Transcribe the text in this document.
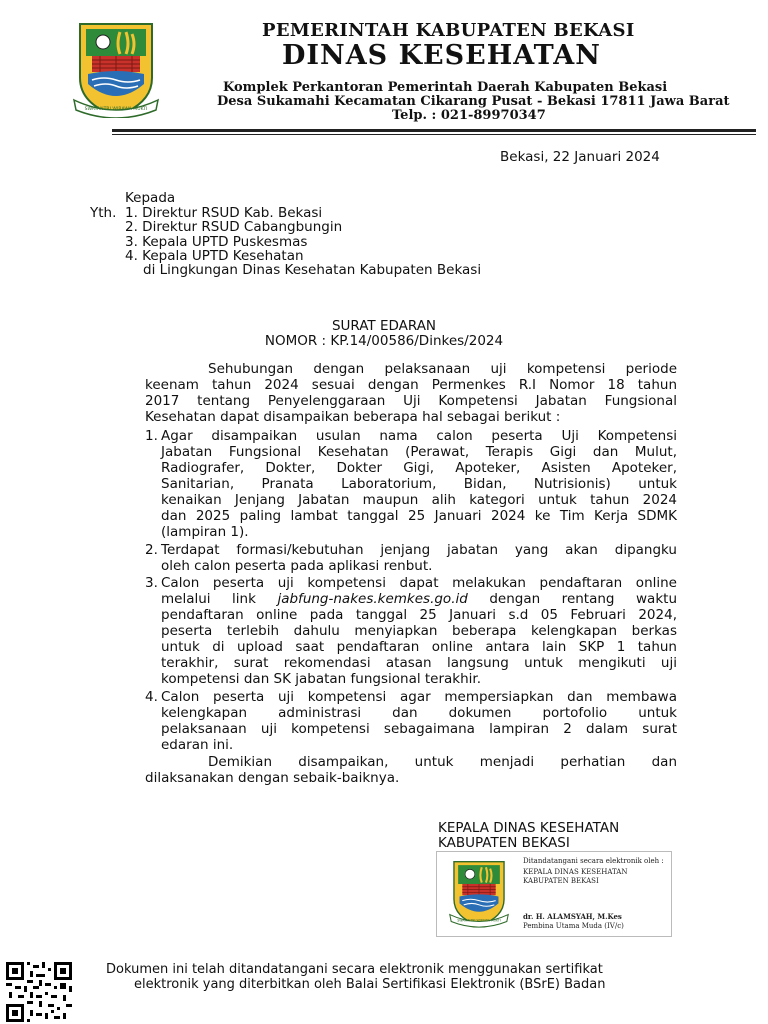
SWATANTRI WIBAWA MUKTI
PEMERINTAH KABUPATEN BEKASI
DINAS KESEHATAN
Komplek Perkantoran Pemerintah Daerah Kabupaten Bekasi
Desa Sukamahi Kecamatan Cikarang Pusat - Bekasi 17811 Jawa Barat
Telp. : 021-89970347
Bekasi, 22 Januari 2024
Kepada
Yth. 1. Direktur RSUD Kab. Bekasi
2. Direktur RSUD Cabangbungin
3. Kepala UPTD Puskesmas
4. Kepala UPTD Kesehatan
di Lingkungan Dinas Kesehatan Kabupaten Bekasi
SURAT EDARAN
NOMOR : KP.14/00586/Dinkes/2024
Sehubungan dengan pelaksanaan uji kompetensi periode
keenam tahun 2024 sesuai dengan Permenkes R.I Nomor 18 tahun
2017 tentang Penyelenggaraan Uji Kompetensi Jabatan Fungsional
Kesehatan dapat disampaikan beberapa hal sebagai berikut :
1. Agar disampaikan usulan nama calon peserta Uji Kompetensi
Jabatan Fungsional Kesehatan (Perawat, Terapis Gigi dan Mulut,
Radiografer, Dokter, Dokter Gigi, Apoteker, Asisten Apoteker,
Sanitarian, Pranata Laboratorium, Bidan, Nutrisionis) untuk
kenaikan Jenjang Jabatan maupun alih kategori untuk tahun 2024
dan 2025 paling lambat tanggal 25 Januari 2024 ke Tim Kerja SDMK
(lampiran 1).
2. Terdapat formasi/kebutuhan jenjang jabatan yang akan dipangku
oleh calon peserta pada aplikasi renbut.
3. Calon peserta uji kompetensi dapat melakukan pendaftaran online
melalui link jabfung-nakes.kemkes.go.id dengan rentang waktu
pendaftaran online pada tanggal 25 Januari s.d 05 Februari 2024,
peserta terlebih dahulu menyiapkan beberapa kelengkapan berkas
untuk di upload saat pendaftaran online antara lain SKP 1 tahun
terakhir, surat rekomendasi atasan langsung untuk mengikuti uji
kompetensi dan SK jabatan fungsional terakhir.
4. Calon peserta uji kompetensi agar mempersiapkan dan membawa
kelengkapan administrasi dan dokumen portofolio untuk
pelaksanaan uji kompetensi sebagaimana lampiran 2 dalam surat
edaran ini.
Demikian disampaikan, untuk menjadi perhatian dan
dilaksanakan dengan sebaik-baiknya.
KEPALA DINAS KESEHATAN
KABUPATEN BEKASI
SWATANTRI WIBAWA MUKTI
Ditandatangani secara elektronik oleh :
KEPALA DINAS KESEHATAN
KABUPATEN BEKASI
dr. H. ALAMSYAH, M.Kes
Pembina Utama Muda (IV/c)
Dokumen ini telah ditandatangani secara elektronik menggunakan sertifikat
elektronik yang diterbitkan oleh Balai Sertifikasi Elektronik (BSrE) Badan
